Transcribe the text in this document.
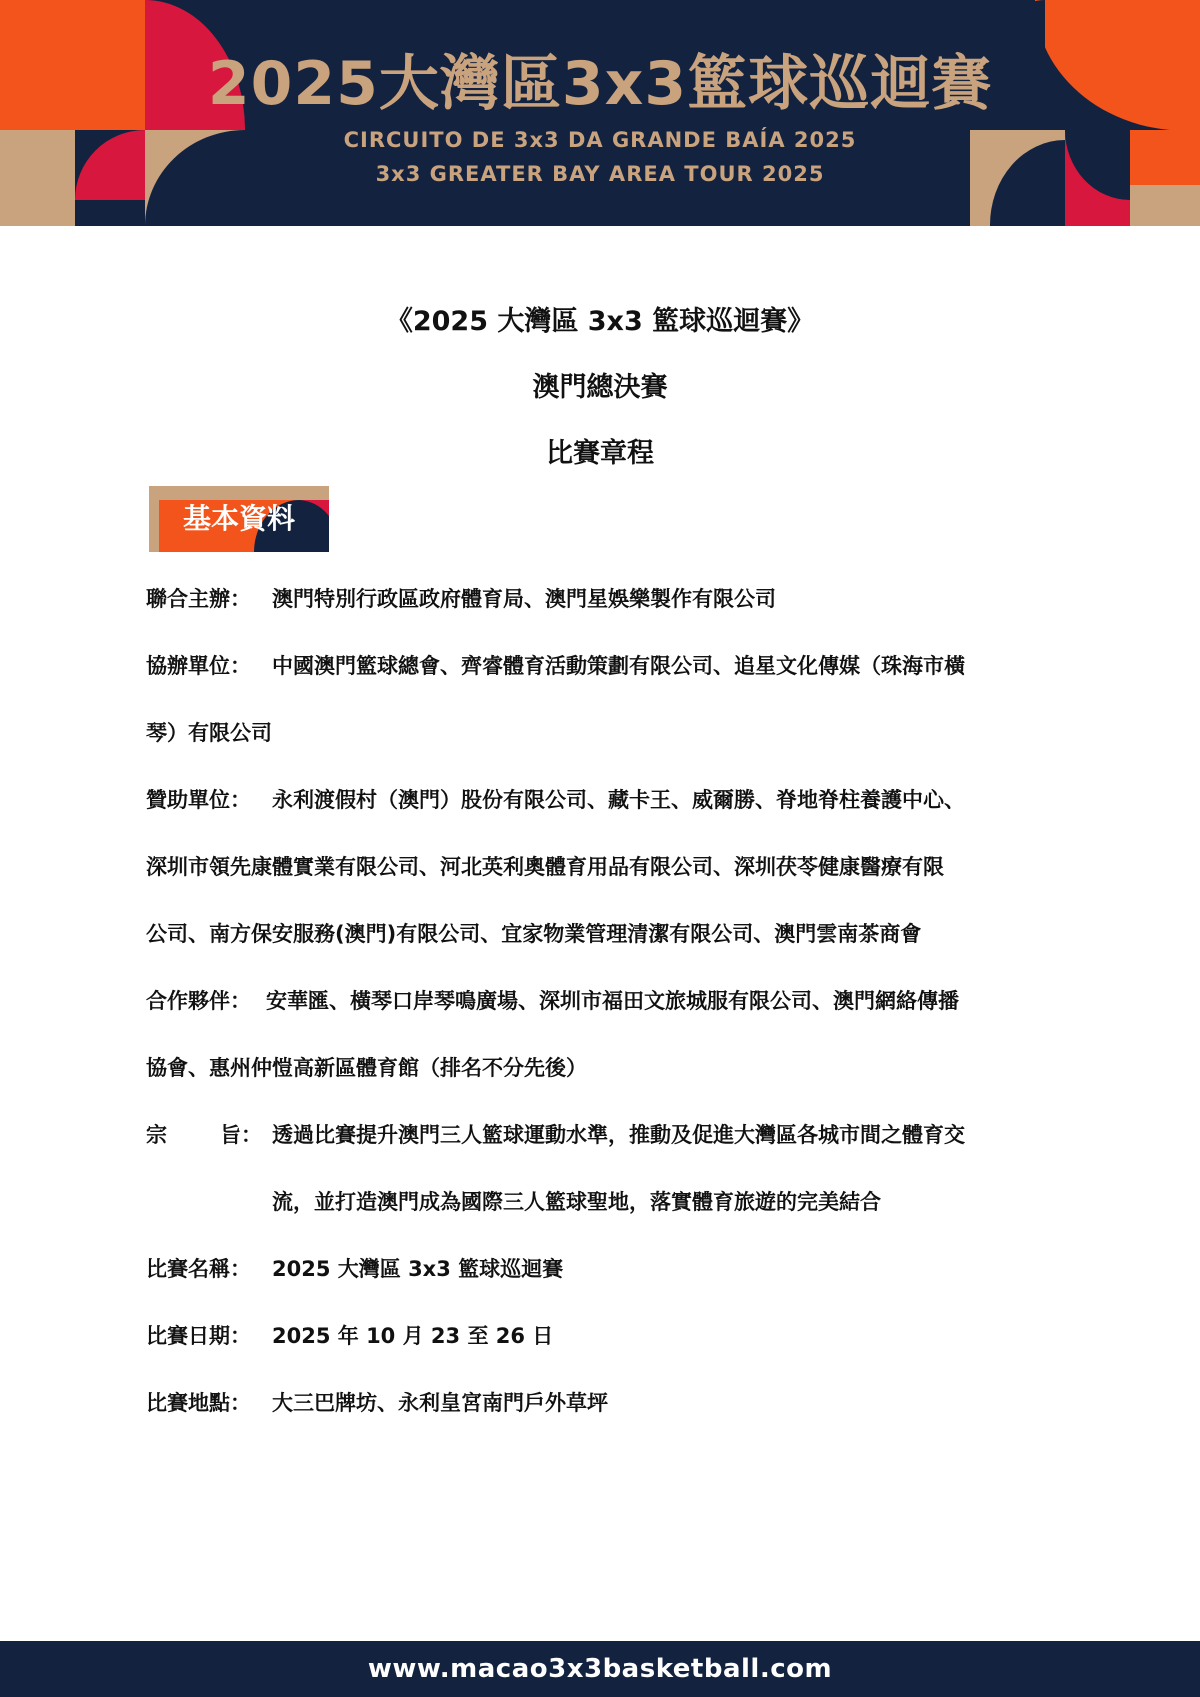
2025大灣區3x3籃球巡迴賽
CIRCUITO DE 3x3 DA GRANDE BAÍA 2025
3x3 GREATER BAY AREA TOUR 2025
《2025 大灣區 3x3 籃球巡迴賽》
澳門總決賽
比賽章程
基本資料
聯合主辦：	澳門特別行政區政府體育局、澳門星娛樂製作有限公司
協辦單位：	中國澳門籃球總會、齊睿體育活動策劃有限公司、追星文化傳媒（珠海市橫
琴）有限公司
贊助單位：	永利渡假村（澳門）股份有限公司、藏卡王、威爾勝、脊地脊柱養護中心、
深圳市領先康體實業有限公司、河北英利奧體育用品有限公司、深圳茯苓健康醫療有限
公司、南方保安服務(澳門)有限公司、宜家物業管理清潔有限公司、澳門雲南茶商會
合作夥伴： 安華匯、橫琴口岸琴鳴廣場、深圳市福田文旅城服有限公司、澳門網絡傳播
協會、惠州仲愷高新區體育館（排名不分先後）
宗	旨： 透過比賽提升澳門三人籃球運動水準，推動及促進大灣區各城市間之體育交
流，並打造澳門成為國際三人籃球聖地，落實體育旅遊的完美結合
比賽名稱：	2025 大灣區 3x3 籃球巡迴賽
比賽日期：	2025 年 10 月 23 至 26 日
比賽地點：	大三巴牌坊、永利皇宮南門戶外草坪
www.macao3x3basketball.com
